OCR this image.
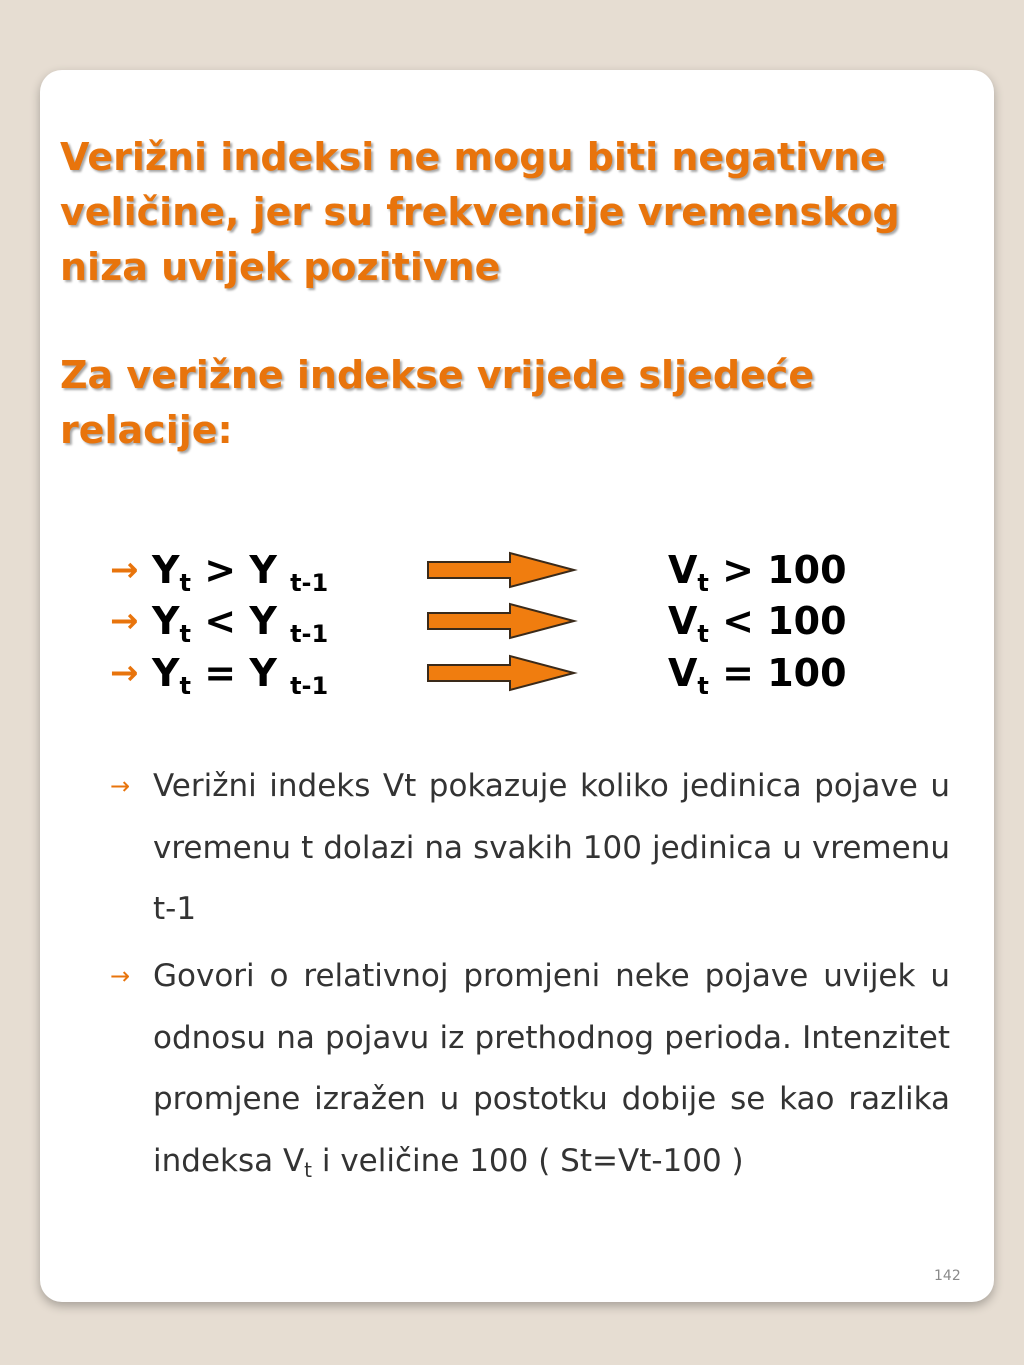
Verižni indeksi ne mogu biti negativne veličine, jer su frekvencije vremenskog niza uvijek pozitivne
Za verižne indekse vrijede sljedeće relacije:
→ $Y_t > Y$ $_{t-1}$	$V_t > 100$
→ $Y_t < Y$ $_{t-1}$	$V_t < 100$
→ $Y_t = Y$ $_{t-1}$	$V_t = 100$
→ Verižni indeks Vt pokazuje koliko jedinica pojave u vremenu t dolazi na svakih 100 jedinica u vremenu t-1
→ Govori o relativnoj promjeni neke pojave uvijek u odnosu na pojavu iz prethodnog perioda. Intenzitet promjene izražen u postotku dobije se kao razlika indeksa $V_t$ i veličine 100 ( St=Vt-100 )
142
